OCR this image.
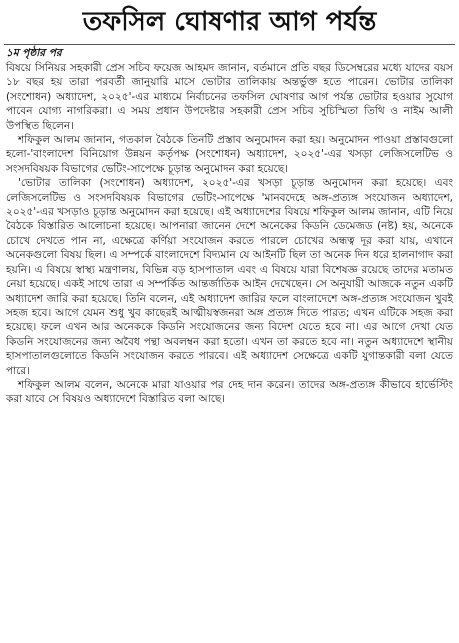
তফসিল ঘোষণার আগ পর্যন্ত

১ম পৃষ্ঠার পর

বিষয়ে সিনিয়র সহকারী প্রেস সচিব ফয়েজ আহমদ জানান, বর্তমানে প্রতি বছর ডিসেম্বরের মধ্যে যাদের বয়স ১৮ বছর হয় তারা পরবর্তী জানুয়ারি মাসে ভোটার তালিকায় অন্তর্ভুক্ত হতে পারেন। ভোটার তালিকা (সংশোধন) অধ্যাদেশ, ২০২৫'-এর মাধ্যমে নির্বাচনের তফসিল ঘোষণার আগ পর্যন্ত ভোটার হওয়ার সুযোগ পাবেন যোগ্য নাগরিকরা। এ সময় প্রধান উপদেষ্টার সহকারী প্রেস সচিব সুচিস্মিতা তিথি ও নাইম আলী উপস্থিত ছিলেন।

শফিকুল আলম জানান, গতকাল বৈঠকে তিনটি প্রস্তাব অনুমোদন করা হয়। অনুমোদন পাওয়া প্রস্তাবগুলো হলো-'বাংলাদেশ বিনিয়োগ উন্নয়ন কর্তৃপক্ষ (সংশোধন) অধ্যাদেশ, ২০২৫'-এর খসড়া লেজিসলেটিভ ও সংসদবিষয়ক বিভাগের ভেটিং-সাপেক্ষে চূড়ান্ত অনুমোদন করা হয়েছে।

'ভোটার তালিকা (সংশোধন) অধ্যাদেশ, ২০২৫'-এর খসড়া চূড়ান্ত অনুমোদন করা হয়েছে। এবং লেজিসলেটিভ ও সংসদবিষয়ক বিভাগের ভেটিং-সাপেক্ষে 'মানবদেহে অঙ্গ-প্রত্যঙ্গ সংযোজন অধ্যাদেশ, ২০২৫'-এর খসড়াও চূড়ান্ত অনুমোদন করা হয়েছে। এই অধ্যাদেশের বিষয়ে শফিকুল আলম জানান, এটি নিয়ে বৈঠকে বিস্তারিত আলোচনা হয়েছে। আপনারা জানেন দেশে অনেকের কিডনি ডেমেজড (নষ্ট) হয়, অনেকে চোখে দেখতে পান না, এক্ষেত্রে কর্ণিয়া সংযোজন করতে পারলে চোখের অন্ধত্ব দূর করা যায়, এখানে অনেকগুলো বিষয় ছিল। এ সম্পর্কে বাংলাদেশে বিদ্যমান যে আইনটি ছিল তা অনেক দিন ধরে হালনাগাদ করা হয়নি। এ বিষয়ে স্বাস্থ্য মন্ত্রণালয়, বিভিন্ন বড় হাসপাতাল এবং এ বিষয়ে যারা বিশেষজ্ঞ রয়েছে তাদের মতামত নেয়া হয়েছে। একই সাথে তারা এ সম্পর্কিত আন্তর্জাতিক আইন দেখেছেন। সে অনুযায়ী আজকে নতুন একটি অধ্যাদেশ জারি করা হয়েছে। তিনি বলেন, এই অধ্যাদেশ জারির ফলে বাংলাদেশে অঙ্গ-প্রত্যঙ্গ সংযোজন খুবই সহজ হবে। আগে যেমন শুধু খুব কাছেরই আত্মীয়স্বজনরা অঙ্গ প্রত্যঙ্গ দিতে পারত; এখন এটিকে সহজ করা হয়েছে। ফলে এখন আর অনেককে কিডনি সংযোজনের জন্য বিদেশ যেতে হবে না। এর আগে দেখা যেত কিডনি সংযোজনের জন্য অবৈধ পন্থা অবলম্বন করা হতো। এখন তা করতে হবে না। নতুন অধ্যাদেশে স্থানীয় হাসপাতালগুলোতে কিডনি সংযোজন করতে পারবে। এই অধ্যাদেশ সেক্ষেত্রে একটি যুগান্তকারী বলা যেতে পারে।

শফিকুল আলম বলেন, অনেকে মারা যাওয়ার পর দেহ দান করেন। তাদের অঙ্গ-প্রত্যঙ্গ কীভাবে হার্ভেস্টিং করা যাবে সে বিষয়ও অধ্যাদেশে বিস্তারিত বলা আছে।
